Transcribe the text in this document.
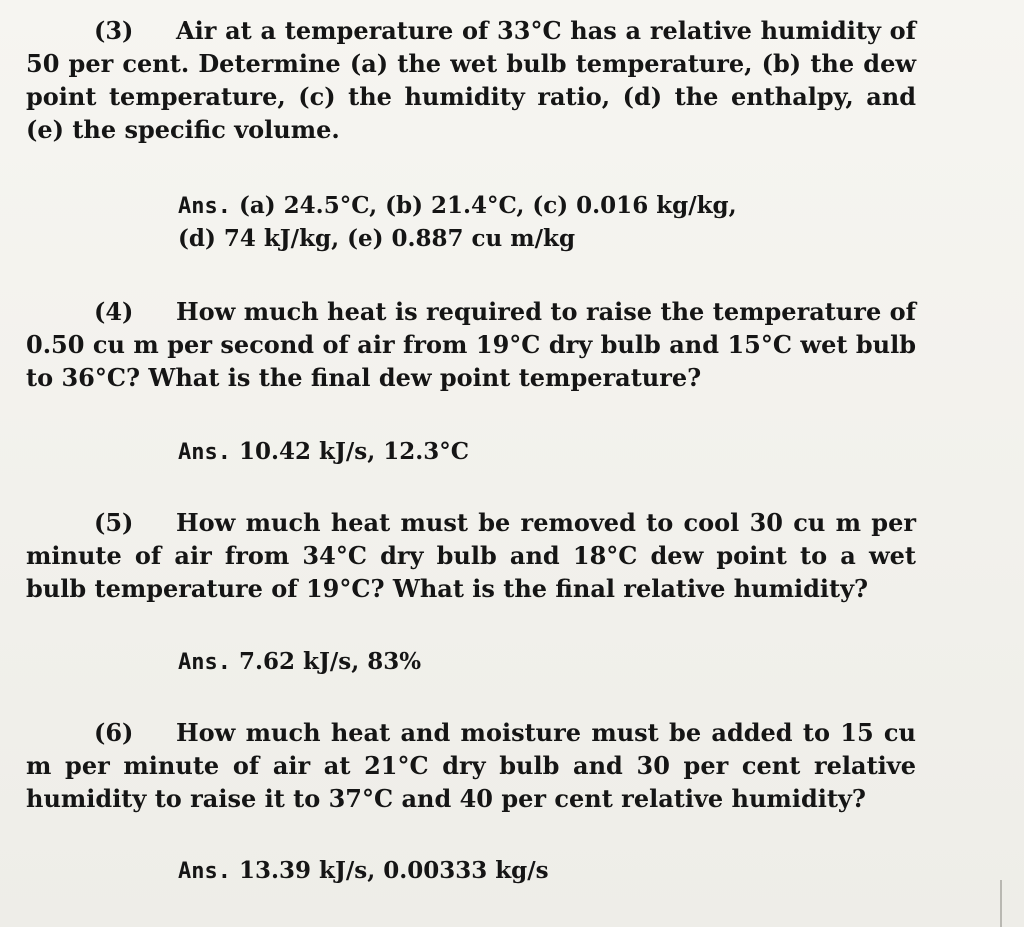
(3) Air at a temperature of 33°C has a relative humidity of 50 per cent. Determine (a) the wet bulb temperature, (b) the dew point temperature, (c) the humidity ratio, (d) the enthalpy, and (e) the specific volume.

Ans. (a) 24.5°C, (b) 21.4°C, (c) 0.016 kg/kg,
(d) 74 kJ/kg, (e) 0.887 cu m/kg

(4) How much heat is required to raise the temperature of 0.50 cu m per second of air from 19°C dry bulb and 15°C wet bulb to 36°C? What is the final dew point temperature?

Ans. 10.42 kJ/s, 12.3°C

(5) How much heat must be removed to cool 30 cu m per minute of air from 34°C dry bulb and 18°C dew point to a wet bulb temperature of 19°C? What is the final relative humidity?

Ans. 7.62 kJ/s, 83%

(6) How much heat and moisture must be added to 15 cu m per minute of air at 21°C dry bulb and 30 per cent relative humidity to raise it to 37°C and 40 per cent relative humidity?

Ans. 13.39 kJ/s, 0.00333 kg/s
